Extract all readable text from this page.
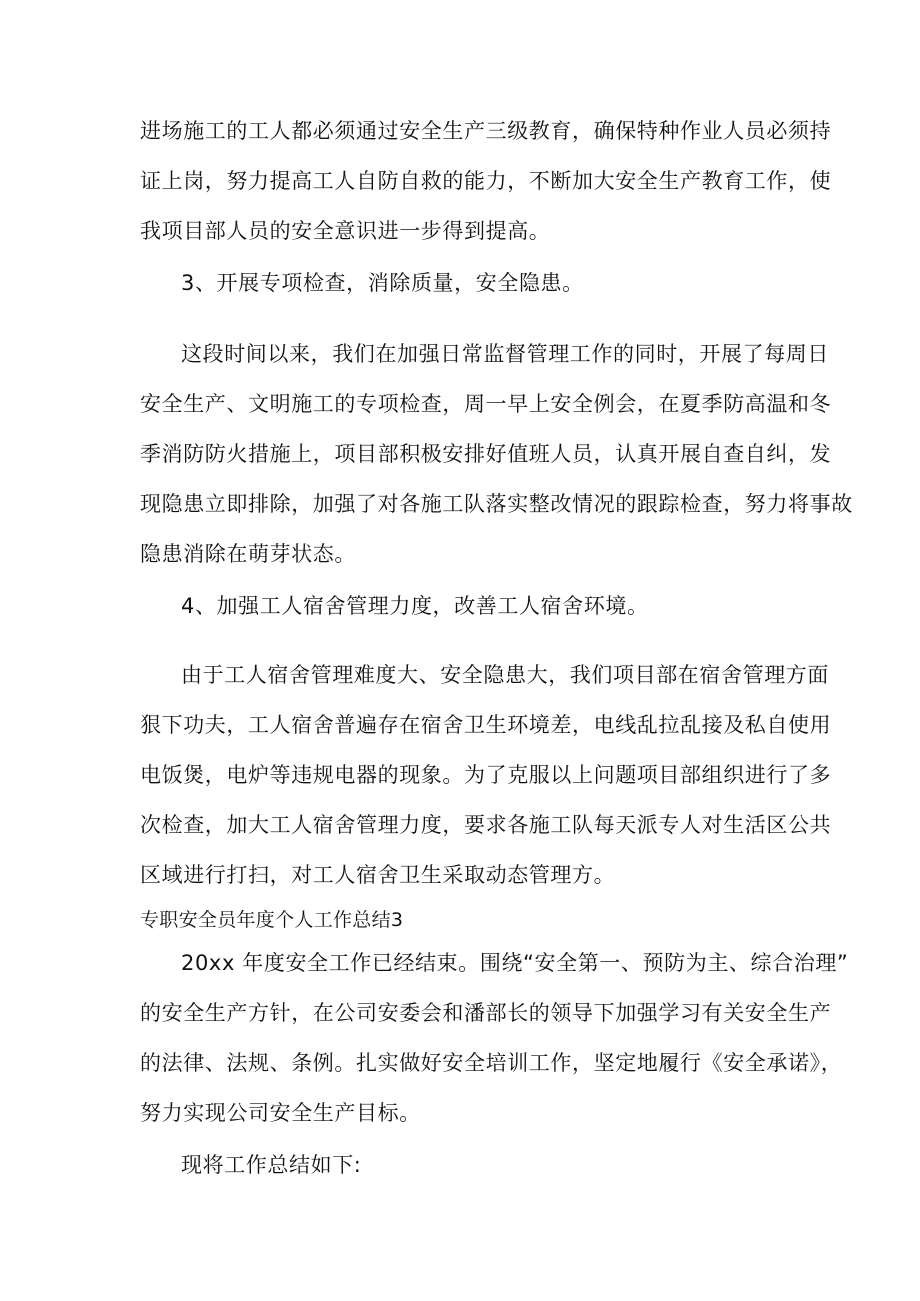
进场施工的工人都必须通过安全生产三级教育，确保特种作业人员必须持
证上岗，努力提高工人自防自救的能力，不断加大安全生产教育工作，使
我项目部人员的安全意识进一步得到提高。
3、开展专项检查，消除质量，安全隐患。
这段时间以来，我们在加强日常监督管理工作的同时，开展了每周日
安全生产、文明施工的专项检查，周一早上安全例会，在夏季防高温和冬
季消防防火措施上，项目部积极安排好值班人员，认真开展自查自纠，发
现隐患立即排除，加强了对各施工队落实整改情况的跟踪检查，努力将事故
隐患消除在萌芽状态。
4、加强工人宿舍管理力度，改善工人宿舍环境。
由于工人宿舍管理难度大、安全隐患大，我们项目部在宿舍管理方面
狠下功夫，工人宿舍普遍存在宿舍卫生环境差，电线乱拉乱接及私自使用
电饭煲，电炉等违规电器的现象。为了克服以上问题项目部组织进行了多
次检查，加大工人宿舍管理力度，要求各施工队每天派专人对生活区公共
区域进行打扫，对工人宿舍卫生采取动态管理方。
专职安全员年度个人工作总结3
20xx 年度安全工作已经结束。围绕“安全第一、预防为主、综合治理”
的安全生产方针，在公司安委会和潘部长的领导下加强学习有关安全生产
的法律、法规、条例。扎实做好安全培训工作，坚定地履行《安全承诺》，
努力实现公司安全生产目标。
现将工作总结如下:
